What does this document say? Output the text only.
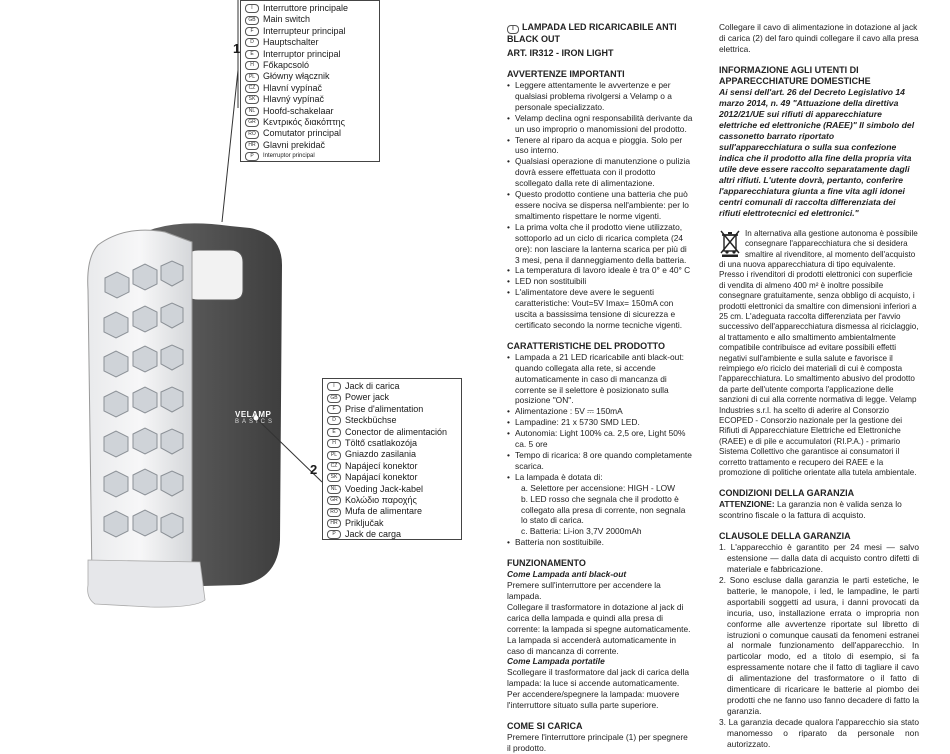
VELAMP
BASICS
1
I	Interruttore principale
GB Main switch
F	Interrupteur principal
D	Hauptschalter
E	Interruptor principal
H	Főkapcsoló
PL Główny włącznik
CZ Hlavní vypínač
SK Hlavný vypínač
NL Hoofd-schakelaar
GR Κεντρικός διακόπτης
RO Comutator principal
HR Glavni prekidač
P	Interruptor principal
2
I	Jack di carica
GB Power jack
F	Prise d'alimentation
D	Steckbüchse
E	Conector de alimentación
H	Töltő csatlakozója
PL Gniazdo zasilania
CZ Napájecí konektor
SK Napájací konektor
NL Voeding Jack-kabel
GR Κολώδιο παροχής
RO Mufa de alimentare
HR Priključak
P	Jack de carga

I LAMPADA LED RICARICABILE ANTI BLACK OUT

ART. IR312 - IRON LIGHT

AVVERTENZE IMPORTANTI

• Leggere attentamente le avvertenze e per qualsiasi problema rivolgersi a Velamp o a personale specializzato.
• Velamp declina ogni responsabilità derivante da un uso improprio o manomissioni del prodotto.
• Tenere al riparo da acqua e pioggia. Solo per uso interno.
• Qualsiasi operazione di manutenzione o pulizia dovrà essere effettuata con il prodotto scollegato dalla rete di alimentazione.
• Questo prodotto contiene una batteria che può essere nociva se dispersa nell'ambiente: per lo smaltimento rispettare le norme vigenti.
• La prima volta che il prodotto viene utilizzato, sottoporlo ad un ciclo di ricarica completa (24 ore): non lasciare la lanterna scarica per più di 3 mesi, pena il danneggiamento della batteria.
• La temperatura di lavoro ideale è tra 0° e 40° C
• LED non sostituibili
• L'alimentatore deve avere le seguenti caratteristiche: Vout=5V Imax= 150mA con uscita a bassissima tensione di sicurezza e certificato secondo la norme tecniche vigenti.

CARATTERISTICHE DEL PRODOTTO

• Lampada a 21 LED ricaricabile anti black-out: quando collegata alla rete, si accende automaticamente in caso di mancanza di corrente se il selettore è posizionato sulla posizione "ON".
• Alimentazione : 5V ⎓ 150mA
• Lampadine: 21 x 5730 SMD LED.
• Autonomia: Light 100% ca. 2,5 ore, Light 50% ca. 5 ore
• Tempo di ricarica: 8 ore quando completamente scarica.
• La lampada è dotata di:

a. Selettore per accensione: HIGH - LOW

b. LED rosso che segnala che il prodotto è collegato alla presa di corrente, non segnala lo stato di carica.

c. Batteria: Li-ion 3,7V 2000mAh

• Batteria non sostituibile.

FUNZIONAMENTO

Come Lampada anti black-out

Premere sull'interruttore per accendere la lampada.

Collegare il trasformatore in dotazione al jack di carica della lampada e quindi alla presa di corrente: la lampada si spegne automaticamente. La lampada si accenderà automaticamente in caso di mancanza di corrente.

Come Lampada portatile

Scollegare il trasformatore dal jack di carica della lampada: la luce si accende automaticamente.

Per accendere/spegnere la lampada: muovere l'interruttore situato sulla parte superiore.

COME SI CARICA

Premere l'interruttore principale (1) per spegnere il prodotto.

Collegare il cavo di alimentazione in dotazione al jack di carica (2) del faro quindi collegare il cavo alla presa elettrica.

INFORMAZIONE AGLI UTENTI DI APPARECCHIATURE DOMESTICHE

Ai sensi dell'art. 26 del Decreto Legislativo 14 marzo 2014, n. 49 "Attuazione della direttiva 2012/21/UE sui rifiuti di apparecchiature elettriche ed elettroniche (RAEE)" Il simbolo del cassonetto barrato riportato sull'apparecchiatura o sulla sua confezione indica che il prodotto alla fine della propria vita utile deve essere raccolto separatamente dagli altri rifiuti. L'utente dovrà, pertanto, conferire l'apparecchiatura giunta a fine vita agli idonei centri comunali di raccolta differenziata dei rifiuti elettrotecnici ed elettronici."

In alternativa alla gestione autonoma è possibile consegnare l'apparecchiatura che si desidera smaltire al rivenditore, al momento dell'acquisto di una nuova apparecchiatura di tipo equivalente. Presso i rivenditori di prodotti elettronici con superficie di vendita di almeno 400 m² è inoltre possibile consegnare gratuitamente, senza obbligo di acquisto, i prodotti elettronici da smaltire con dimensioni inferiori a 25 cm. L'adeguata raccolta differenziata per l'avvio successivo dell'apparecchiatura dismessa al riciclaggio, al trattamento e allo smaltimento ambientalmente compatibile contribuisce ad evitare possibili effetti negativi sull'ambiente e sulla salute e favorisce il reimpiego e/o riciclo dei materiali di cui è composta l'apparecchiatura. Lo smaltimento abusivo del prodotto da parte dell'utente comporta l'applicazione delle sanzioni di cui alla corrente normativa di legge. Velamp Industries s.r.l. ha scelto di aderire al Consorzio ECOPED - Consorzio nazionale per la gestione dei Rifiuti di Apparecchiature Elettriche ed Elettroniche (RAEE) e di pile e accumulatori (RI.P.A.) - primario Sistema Collettivo che garantisce ai consumatori il corretto trattamento e recupero dei RAEE e la promozione di politiche orientate alla tutela ambientale.

CONDIZIONI DELLA GARANZIA

ATTENZIONE: La garanzia non è valida senza lo scontrino fiscale o la fattura di acquisto.

CLAUSOLE DELLA GARANZIA

1. L'apparecchio è garantito per 24 mesi — salvo estensione — dalla data di acquisto contro difetti di materiale e fabbricazione.

2. Sono escluse dalla garanzia le parti estetiche, le batterie, le manopole, i led, le lampadine, le parti asportabili soggetti ad usura, i danni provocati da incuria, uso, installazione errata o impropria non conforme alle avvertenze riportate sul libretto di istruzioni o comunque causati da fenomeni estranei al normale funzionamento dell'apparecchio. In particolar modo, ed a titolo di esempio, si fa espressamente notare che il fatto di tagliare il cavo di alimentazione del trasformatore o il fatto di dimenticare di ricaricare le batterie al piombo dei prodotti che ne fanno uso fanno decadere di fatto la garanzia.

3. La garanzia decade qualora l'apparecchio sia stato manomesso o riparato da personale non autorizzato.
